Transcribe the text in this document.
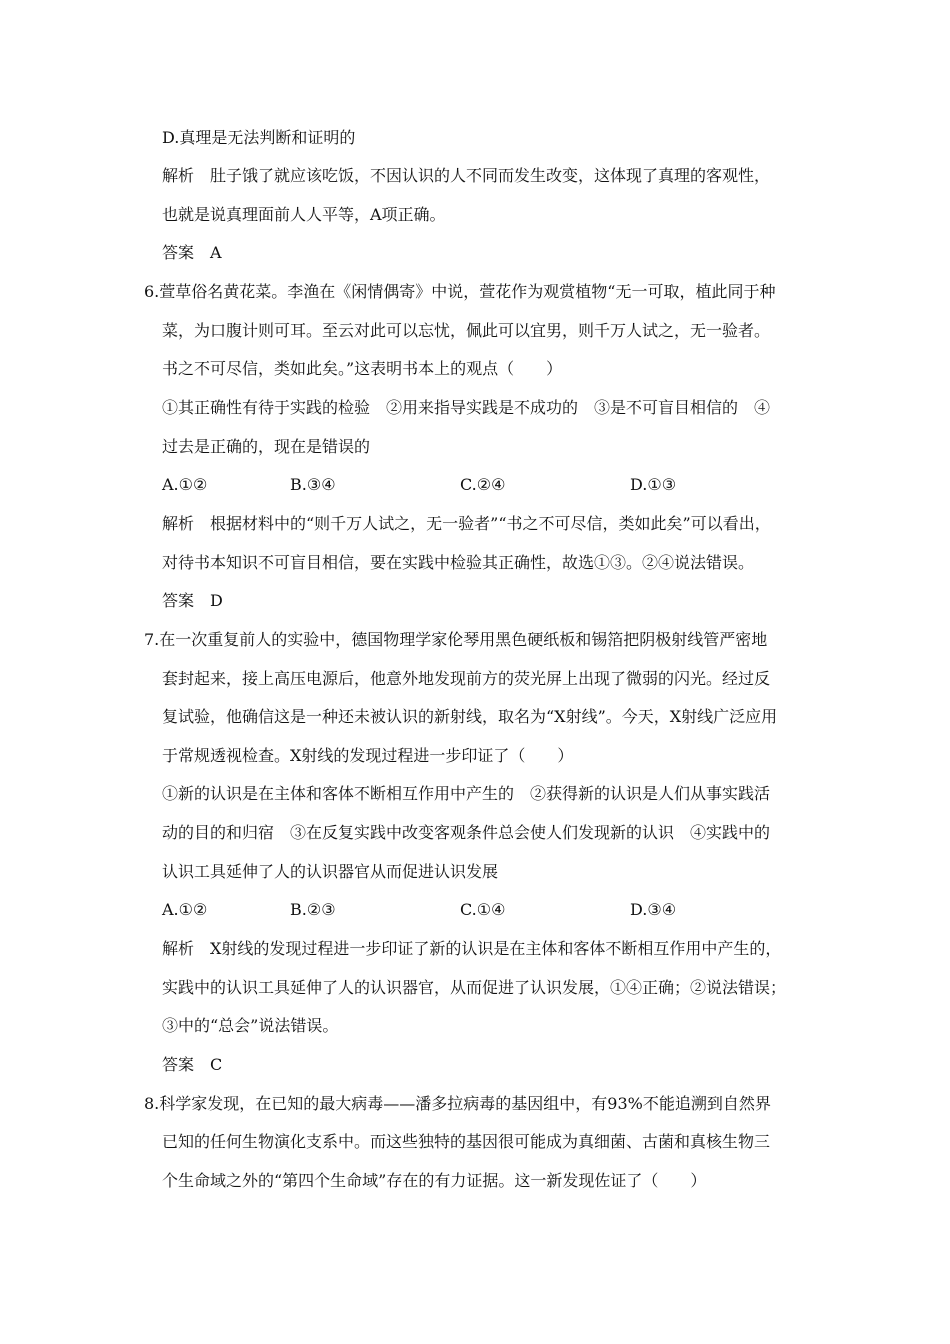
D.真理是无法判断和证明的
解析　肚子饿了就应该吃饭，不因认识的人不同而发生改变，这体现了真理的客观性，
也就是说真理面前人人平等，A项正确。
答案　A
6.萱草俗名黄花菜。李渔在《闲情偶寄》中说，萱花作为观赏植物“无一可取，植此同于种
菜，为口腹计则可耳。至云对此可以忘忧，佩此可以宜男，则千万人试之，无一验者。
书之不可尽信，类如此矣。”这表明书本上的观点（　　）
①其正确性有待于实践的检验　②用来指导实践是不成功的　③是不可盲目相信的　④
过去是正确的，现在是错误的
A.①②	B.③④	C.②④	D.①③
解析　根据材料中的“则千万人试之，无一验者”“书之不可尽信，类如此矣”可以看出，
对待书本知识不可盲目相信，要在实践中检验其正确性，故选①③。②④说法错误。
答案　D
7.在一次重复前人的实验中，德国物理学家伦琴用黑色硬纸板和锡箔把阴极射线管严密地
套封起来，接上高压电源后，他意外地发现前方的荧光屏上出现了微弱的闪光。经过反
复试验，他确信这是一种还未被认识的新射线，取名为“X射线”。今天，X射线广泛应用
于常规透视检查。X射线的发现过程进一步印证了（　　）
①新的认识是在主体和客体不断相互作用中产生的　②获得新的认识是人们从事实践活
动的目的和归宿　③在反复实践中改变客观条件总会使人们发现新的认识　④实践中的
认识工具延伸了人的认识器官从而促进认识发展
A.①②	B.②③	C.①④	D.③④
解析　X射线的发现过程进一步印证了新的认识是在主体和客体不断相互作用中产生的，
实践中的认识工具延伸了人的认识器官，从而促进了认识发展，①④正确；②说法错误；
③中的“总会”说法错误。
答案　C
8.科学家发现，在已知的最大病毒——潘多拉病毒的基因组中，有93%不能追溯到自然界
已知的任何生物演化支系中。而这些独特的基因很可能成为真细菌、古菌和真核生物三
个生命域之外的“第四个生命域”存在的有力证据。这一新发现佐证了（　　）
